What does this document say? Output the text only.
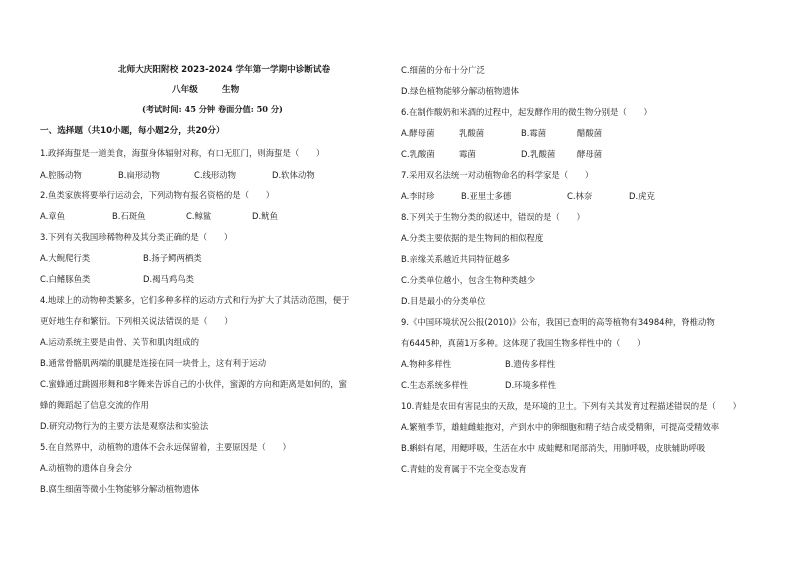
北师大庆阳附校 2023-2024 学年第一学期中诊断试卷
八年级	生物
(考试时间: 45 分钟 卷面分值: 50 分)
一、选择题（共10小题，每小题2分，共20分）
1.政择海蜇是一道美食，海蜇身体辐射对称，有口无肛门，则海蜇是（　　）
A.腔肠动物	B.扁形动物	C.线形动物	D.软体动物
2.鱼类家族将要举行运动会，下列动物有报名资格的是（　　）
A.章鱼	B.石斑鱼	C.鲸鲨	D.鱿鱼
3.下列有关我国珍稀物种及其分类正确的是（　　）
A.大鲵爬行类	B.扬子鳄两栖类
C.白鳍豚鱼类	D.褐马鸡鸟类
4.地球上的动物种类繁多，它们多种多样的运动方式和行为扩大了其活动范围，便于
更好地生存和繁衍。下列相关说法错误的是（　　）
A.运动系统主要是由骨、关节和肌肉组成的
B.通常骨骼肌两端的肌腱是连接在同一块骨上，这有利于运动
C.蜜蜂通过跳圆形舞和8字舞来告诉自己的小伙伴，蜜源的方向和距离是如何的，蜜
蜂的舞蹈起了信息交流的作用
D.研究动物行为的主要方法是观察法和实验法
5.在自然界中，动植物的遗体不会永远保留着，主要原因是（　　）
A.动植物的遗体自身会分
B.腐生细菌等微小生物能够分解动植物遗体
C.细菌的分布十分广泛
D.绿色植物能够分解动植物遗体
6.在制作酸奶和米酒的过程中，起发酵作用的微生物分别是（　　）
A.酵母菌	乳酸菌	B.霉菌	醋酸菌
C.乳酸菌	霉菌	D.乳酸菌	酵母菌
7.采用双名法统一对动植物命名的科学家是（　　）
A.李时珍	B.亚里士多德	C.林奈	D.虎克
8.下列关于生物分类的叙述中，错误的是（　　）
A.分类主要依据的是生物间的相似程度
B.亲缘关系越近共同特征越多
C.分类单位越小，包含生物种类越少
D.目是最小的分类单位
9.《中国环境状况公报(2010)》公布，我国已查明的高等植物有34984种，脊椎动物
有6445种，真菌1万多种。这体现了我国生物多样性中的（　　）
A.物种多样性	B.遗传多样性
C.生态系统多样性	D.环境多样性
10.青蛙是农田有害昆虫的天敌，是环境的卫士。下列有关其发育过程描述错误的是（　　）
A.繁殖季节，雄蛙雌蛙抱对，产到水中的卵细胞和精子结合成受精卵，可提高受精效率
B.蝌蚪有尾，用鳃呼吸，生活在水中 成蛙鳃和尾部消失，用肺呼吸，皮肤辅助呼吸
C.青蛙的发育属于不完全变态发育
